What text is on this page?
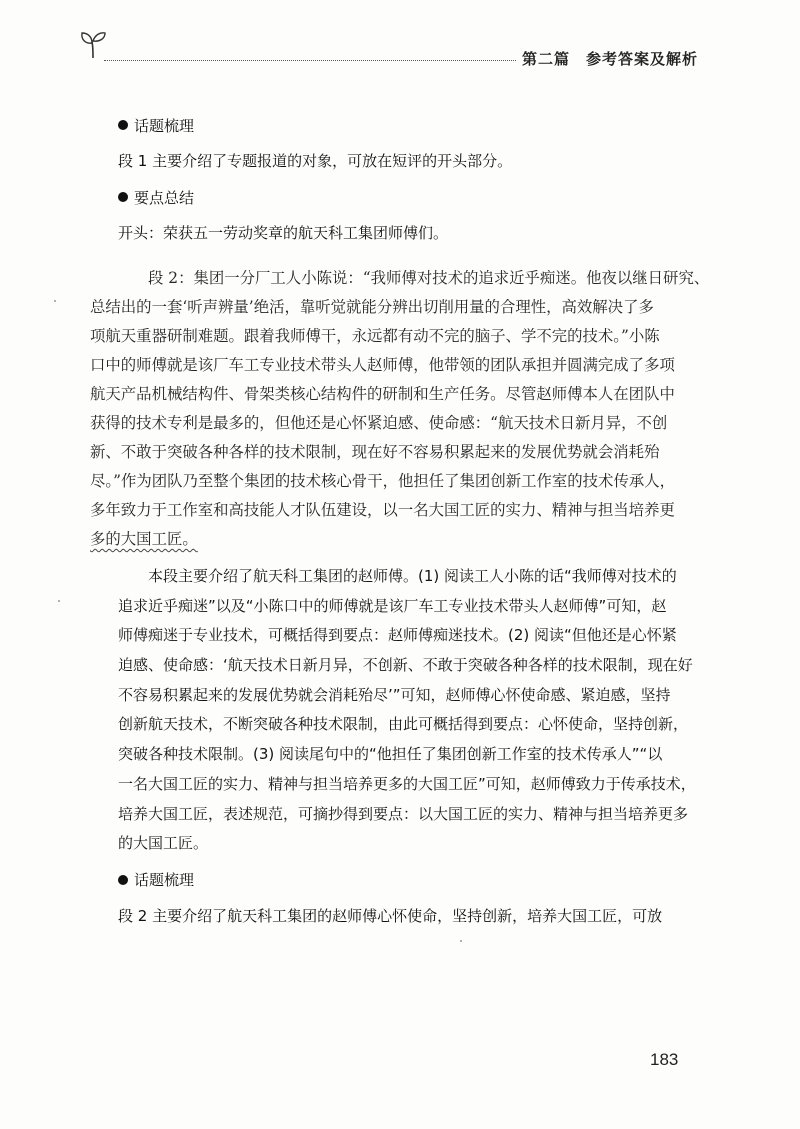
第二篇　参考答案及解析
话题梳理

段 1 主要介绍了专题报道的对象，可放在短评的开头部分。

要点总结

开头：荣获五一劳动奖章的航天科工集团师傅们。

段 2：集团一分厂工人小陈说：“我师傅对技术的追求近乎痴迷。他夜以继日研究、
总结出的一套‘听声辨量’绝活，靠听觉就能分辨出切削用量的合理性，高效解决了多
项航天重器研制难题。跟着我师傅干，永远都有动不完的脑子、学不完的技术。”小陈
口中的师傅就是该厂车工专业技术带头人赵师傅，他带领的团队承担并圆满完成了多项
航天产品机械结构件、骨架类核心结构件的研制和生产任务。尽管赵师傅本人在团队中
获得的技术专利是最多的，但他还是心怀紧迫感、使命感：“航天技术日新月异，不创
新、不敢于突破各种各样的技术限制，现在好不容易积累起来的发展优势就会消耗殆
尽。”作为团队乃至整个集团的技术核心骨干，他担任了集团创新工作室的技术传承人，
多年致力于工作室和高技能人才队伍建设，以一名大国工匠的实力、精神与担当培养更
多的大国工匠。
本段主要介绍了航天科工集团的赵师傅。(1) 阅读工人小陈的话“我师傅对技术的
追求近乎痴迷”以及“小陈口中的师傅就是该厂车工专业技术带头人赵师傅”可知，赵
师傅痴迷于专业技术，可概括得到要点：赵师傅痴迷技术。(2) 阅读“但他还是心怀紧
迫感、使命感：‘航天技术日新月异，不创新、不敢于突破各种各样的技术限制，现在好
不容易积累起来的发展优势就会消耗殆尽’”可知，赵师傅心怀使命感、紧迫感，坚持
创新航天技术，不断突破各种技术限制，由此可概括得到要点：心怀使命，坚持创新，
突破各种技术限制。(3) 阅读尾句中的“他担任了集团创新工作室的技术传承人”“以
一名大国工匠的实力、精神与担当培养更多的大国工匠”可知，赵师傅致力于传承技术，
培养大国工匠，表述规范，可摘抄得到要点：以大国工匠的实力、精神与担当培养更多
的大国工匠。
话题梳理

段 2 主要介绍了航天科工集团的赵师傅心怀使命，坚持创新，培养大国工匠，可放

183
